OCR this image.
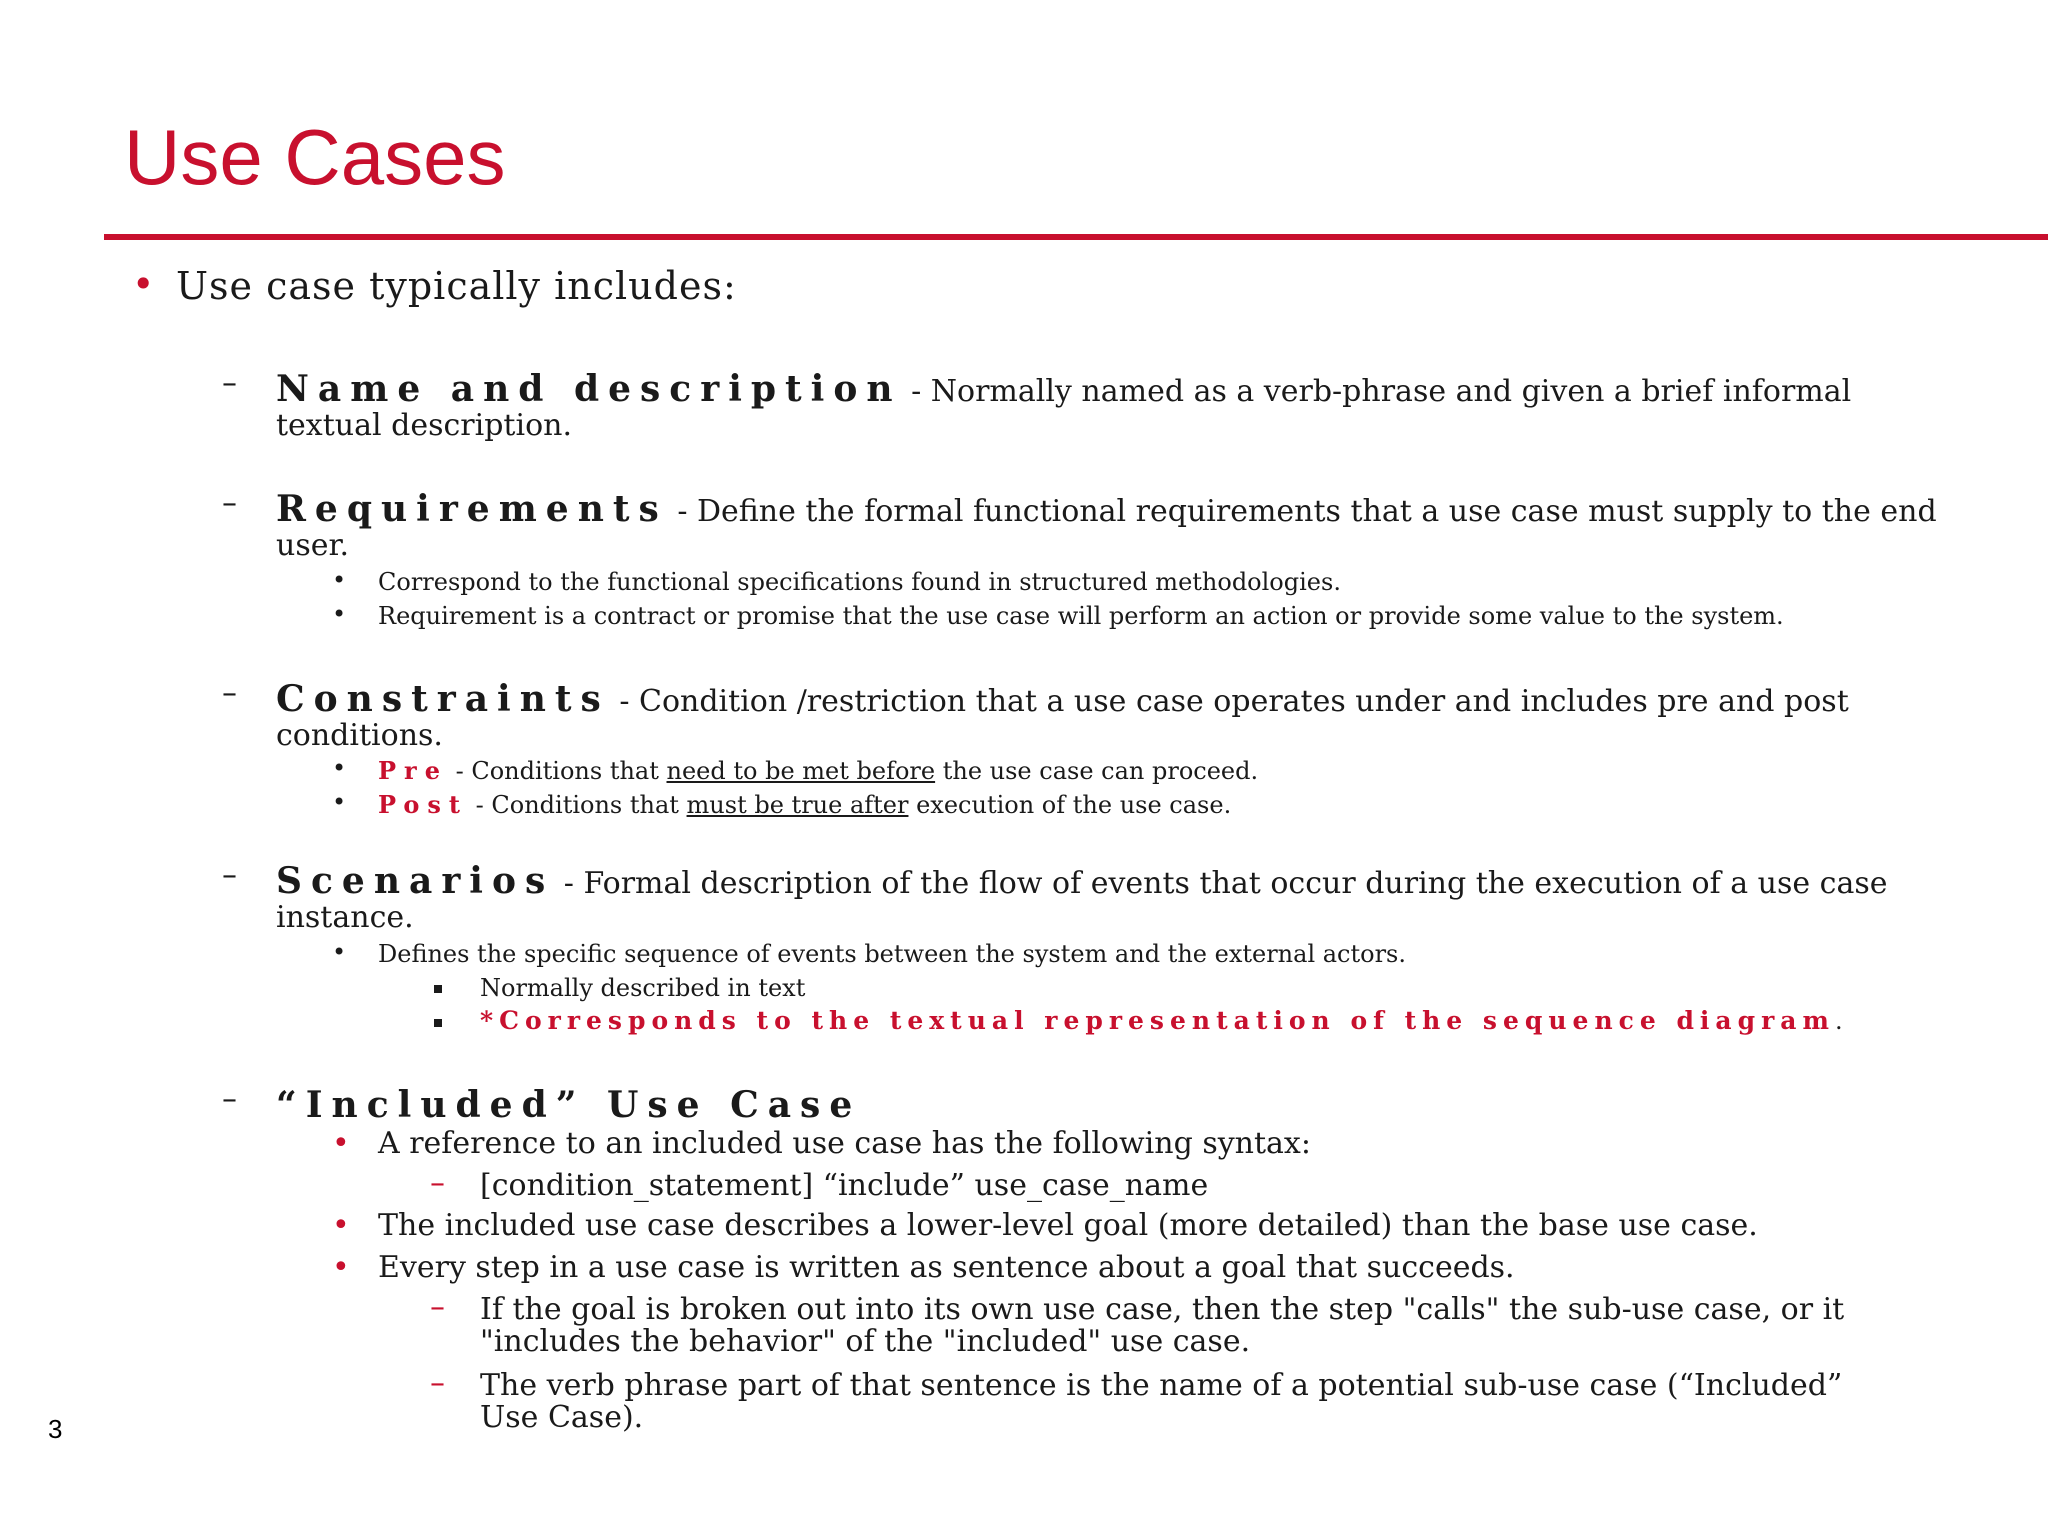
Use Cases
• Use case typically includes:
– Name and description - Normally named as a verb-phrase and given a brief informal
textual description.
– Requirements - Define the formal functional requirements that a use case must supply to the end
user.
• Correspond to the functional specifications found in structured methodologies.
• Requirement is a contract or promise that the use case will perform an action or provide some value to the system.
– Constraints - Condition /restriction that a use case operates under and includes pre and post
conditions.
• Pre - Conditions that need to be met before the use case can proceed.
• Post - Conditions that must be true after execution of the use case.
– Scenarios - Formal description of the flow of events that occur during the execution of a use case
instance.
• Defines the specific sequence of events between the system and the external actors.
Normally described in text
*Corresponds to the textual representation of the sequence diagram.
– “Included” Use Case
• A reference to an included use case has the following syntax:
– [condition_statement] “include” use_case_name
• The included use case describes a lower-level goal (more detailed) than the base use case.
• Every step in a use case is written as sentence about a goal that succeeds.
– If the goal is broken out into its own use case, then the step "calls" the sub-use case, or it
"includes the behavior" of the "included" use case.
– The verb phrase part of that sentence is the name of a potential sub-use case (“Included”
Use Case).
3
